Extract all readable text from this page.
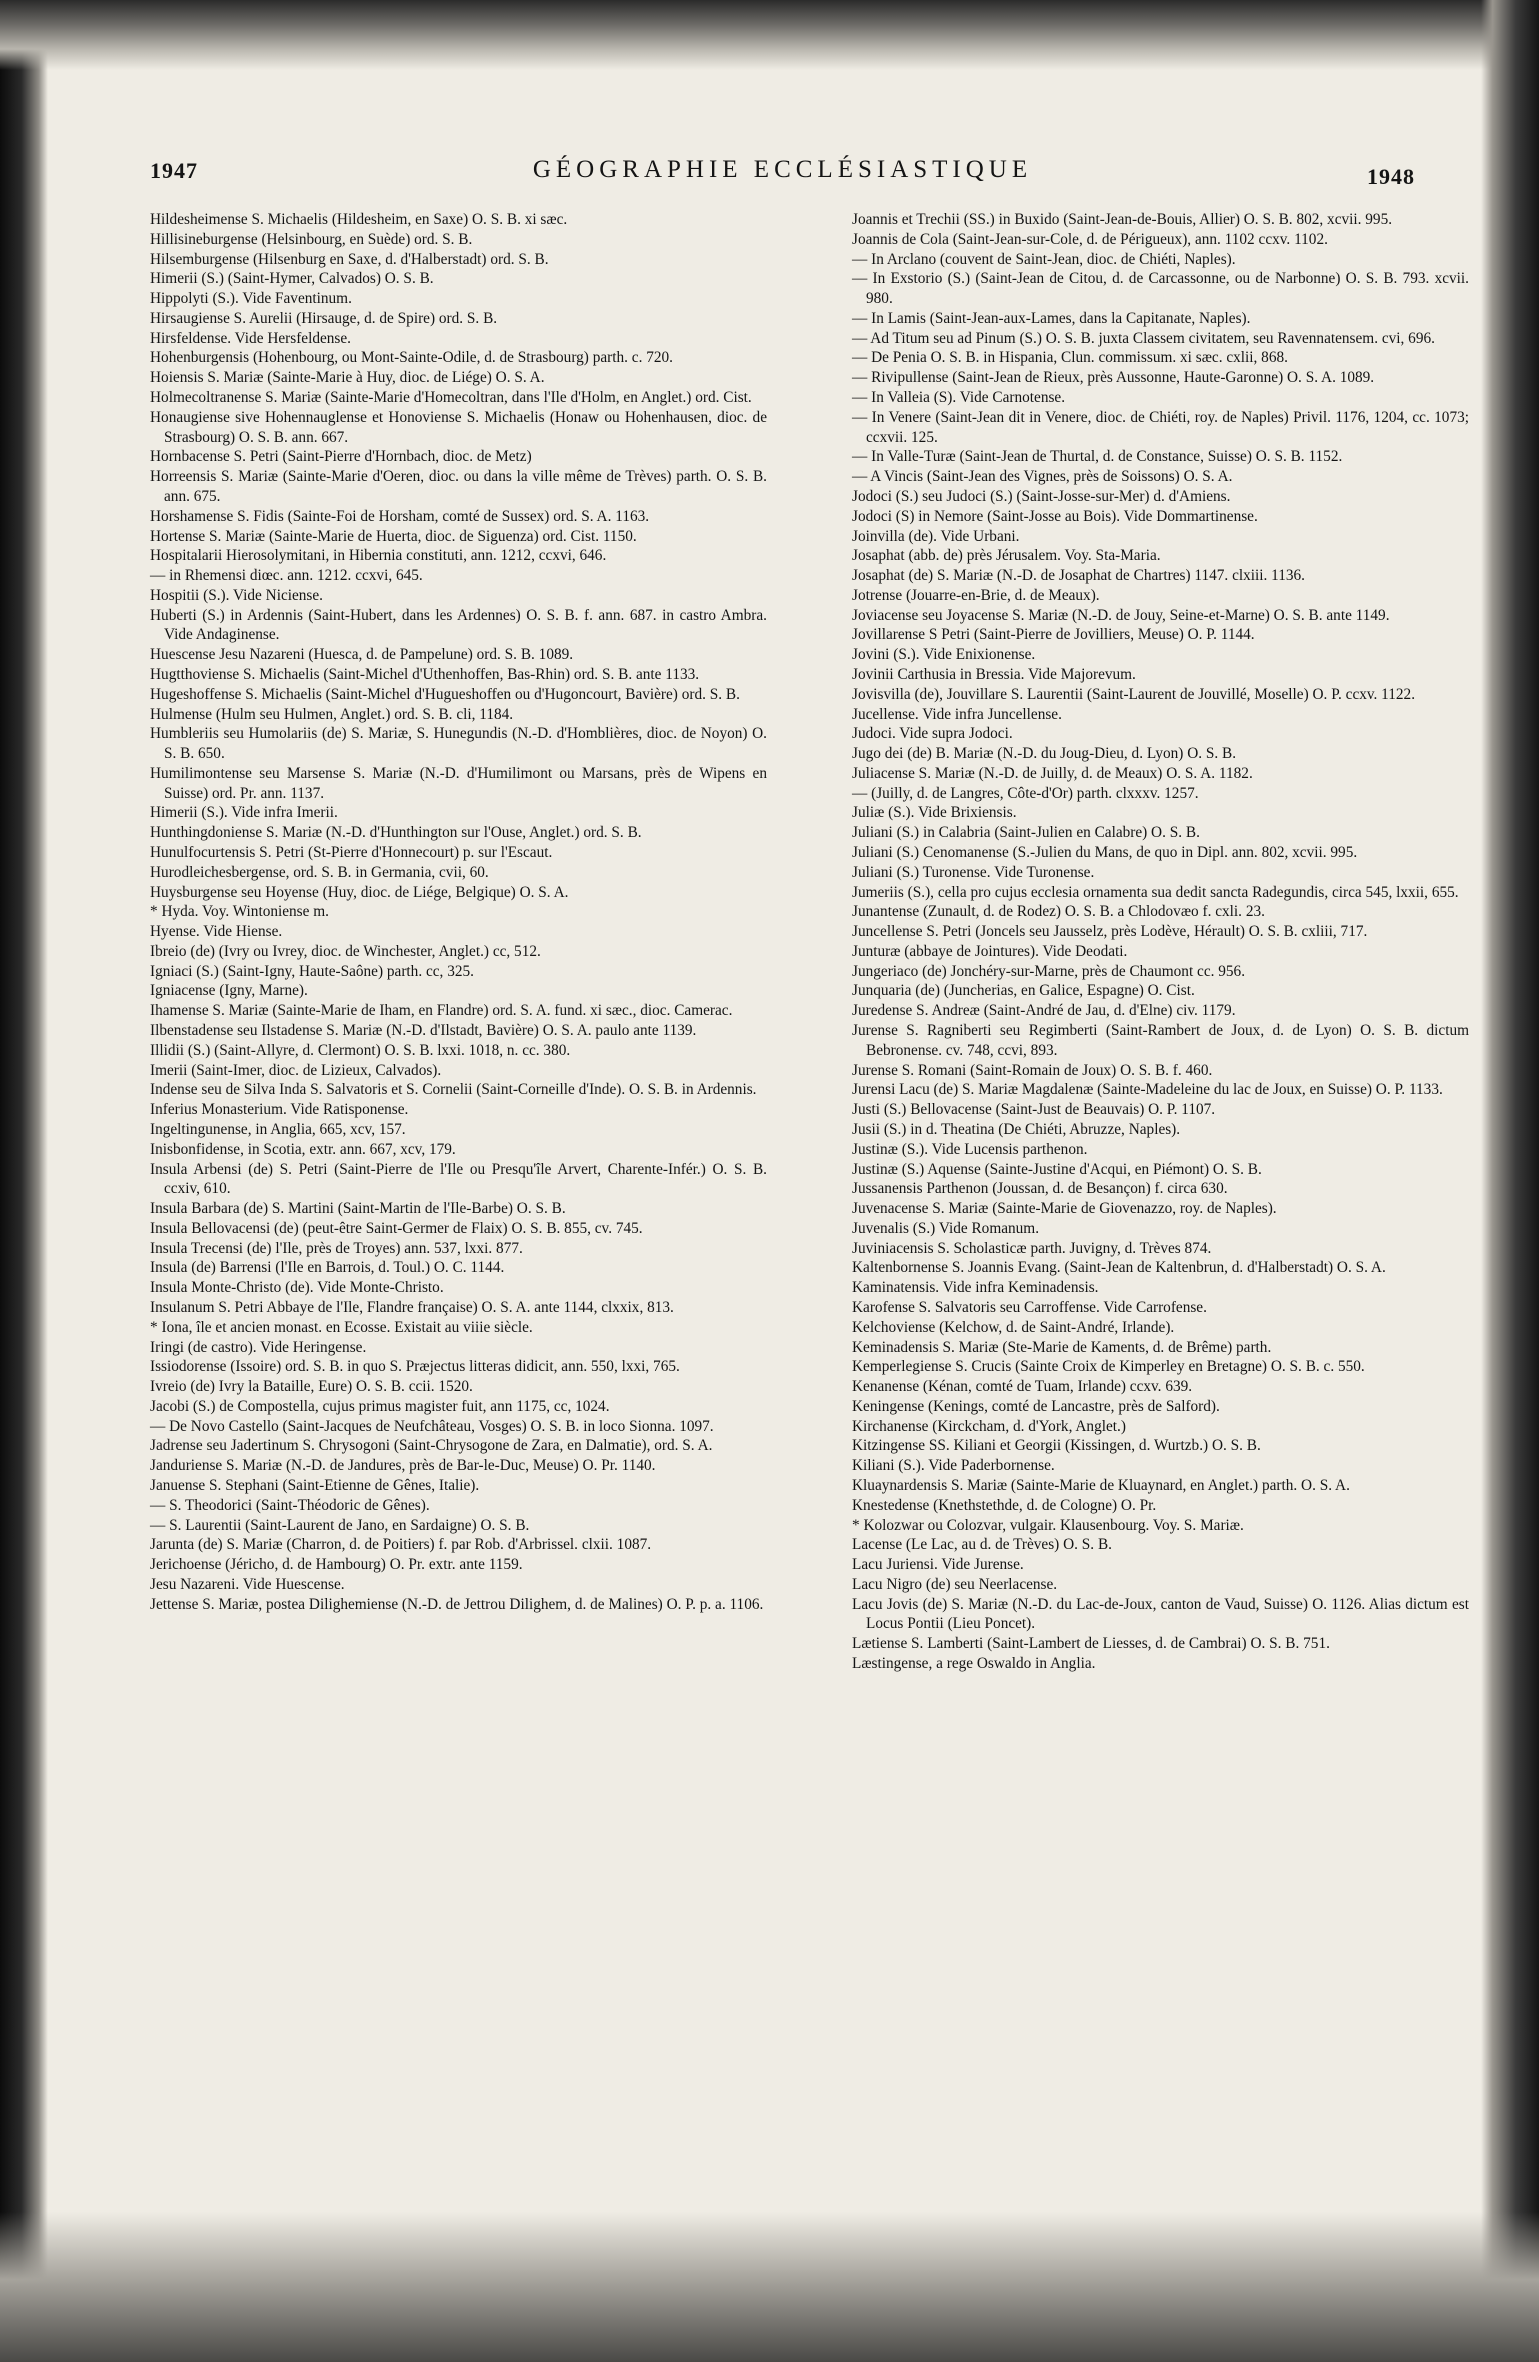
1947	GÉOGRAPHIE ECCLÉSIASTIQUE	1948

Hildesheimense S. Michaelis (Hildesheim, en Saxe) O. S. B. xi sæc.

Hillisineburgense (Helsinbourg, en Suède) ord. S. B.

Hilsemburgense (Hilsenburg en Saxe, d. d'Halberstadt) ord. S. B.

Himerii (S.) (Saint-Hymer, Calvados) O. S. B.

Hippolyti (S.). Vide Faventinum.

Hirsaugiense S. Aurelii (Hirsauge, d. de Spire) ord. S. B.

Hirsfeldense. Vide Hersfeldense.

Hohenburgensis (Hohenbourg, ou Mont-Sainte-Odile, d. de Strasbourg) parth. c. 720.

Hoiensis S. Mariæ (Sainte-Marie à Huy, dioc. de Liége) O. S. A.

Holmecoltranense S. Mariæ (Sainte-Marie d'Homecoltran, dans l'Ile d'Holm, en Anglet.) ord. Cist.

Honaugiense sive Hohennauglense et Honoviense S. Michaelis (Honaw ou Hohenhausen, dioc. de Strasbourg) O. S. B. ann. 667.

Hornbacense S. Petri (Saint-Pierre d'Hornbach, dioc. de Metz)

Horreensis S. Mariæ (Sainte-Marie d'Oeren, dioc. ou dans la ville même de Trèves) parth. O. S. B. ann. 675.

Horshamense S. Fidis (Sainte-Foi de Horsham, comté de Sussex) ord. S. A. 1163.

Hortense S. Mariæ (Sainte-Marie de Huerta, dioc. de Siguenza) ord. Cist. 1150.

Hospitalarii Hierosolymitani, in Hibernia constituti, ann. 1212, ccxvi, 646.

— in Rhemensi diœc. ann. 1212. ccxvi, 645.

Hospitii (S.). Vide Niciense.

Huberti (S.) in Ardennis (Saint-Hubert, dans les Ardennes) O. S. B. f. ann. 687. in castro Ambra. Vide Andaginense.

Huescense Jesu Nazareni (Huesca, d. de Pampelune) ord. S. B. 1089.

Hugtthoviense S. Michaelis (Saint-Michel d'Uthenhoffen, Bas-Rhin) ord. S. B. ante 1133.

Hugeshoffense S. Michaelis (Saint-Michel d'Hugueshoffen ou d'Hugoncourt, Bavière) ord. S. B.

Hulmense (Hulm seu Hulmen, Anglet.) ord. S. B. cli, 1184.

Humbleriis seu Humolariis (de) S. Mariæ, S. Hunegundis (N.-D. d'Homblières, dioc. de Noyon) O. S. B. 650.

Humilimontense seu Marsense S. Mariæ (N.-D. d'Humilimont ou Marsans, près de Wipens en Suisse) ord. Pr. ann. 1137.

Himerii (S.). Vide infra Imerii.

Hunthingdoniense S. Mariæ (N.-D. d'Hunthington sur l'Ouse, Anglet.) ord. S. B.

Hunulfocurtensis S. Petri (St-Pierre d'Honnecourt) p. sur l'Escaut.

Hurodleichesbergense, ord. S. B. in Germania, cvii, 60.

Huysburgense seu Hoyense (Huy, dioc. de Liége, Belgique) O. S. A.

* Hyda. Voy. Wintoniense m.

Hyense. Vide Hiense.

Ibreio (de) (Ivry ou Ivrey, dioc. de Winchester, Anglet.) cc, 512.

Igniaci (S.) (Saint-Igny, Haute-Saône) parth. cc, 325.

Igniacense (Igny, Marne).

Ihamense S. Mariæ (Sainte-Marie de Iham, en Flandre) ord. S. A. fund. xi sæc., dioc. Camerac.

Ilbenstadense seu Ilstadense S. Mariæ (N.-D. d'Ilstadt, Bavière) O. S. A. paulo ante 1139.

Illidii (S.) (Saint-Allyre, d. Clermont) O. S. B. lxxi. 1018, n. cc. 380.

Imerii (Saint-Imer, dioc. de Lizieux, Calvados).

Indense seu de Silva Inda S. Salvatoris et S. Cornelii (Saint-Corneille d'Inde). O. S. B. in Ardennis.

Inferius Monasterium. Vide Ratisponense.

Ingeltingunense, in Anglia, 665, xcv, 157.

Inisbonfidense, in Scotia, extr. ann. 667, xcv, 179.

Insula Arbensi (de) S. Petri (Saint-Pierre de l'Ile ou Presqu'île Arvert, Charente-Infér.) O. S. B. ccxiv, 610.

Insula Barbara (de) S. Martini (Saint-Martin de l'Ile-Barbe) O. S. B.

Insula Bellovacensi (de) (peut-être Saint-Germer de Flaix) O. S. B. 855, cv. 745.

Insula Trecensi (de) l'Ile, près de Troyes) ann. 537, lxxi. 877.

Insula (de) Barrensi (l'Ile en Barrois, d. Toul.) O. C. 1144.

Insula Monte-Christo (de). Vide Monte-Christo.

Insulanum S. Petri Abbaye de l'Ile, Flandre française) O. S. A. ante 1144, clxxix, 813.

* Iona, île et ancien monast. en Ecosse. Existait au viiie siècle.

Iringi (de castro). Vide Heringense.

Issiodorense (Issoire) ord. S. B. in quo S. Præjectus litteras didicit, ann. 550, lxxi, 765.

Ivreio (de) Ivry la Bataille, Eure) O. S. B. ccii. 1520.

Jacobi (S.) de Compostella, cujus primus magister fuit, ann 1175, cc, 1024.

— De Novo Castello (Saint-Jacques de Neufchâteau, Vosges) O. S. B. in loco Sionna. 1097.

Jadrense seu Jadertinum S. Chrysogoni (Saint-Chrysogone de Zara, en Dalmatie), ord. S. A.

Janduriense S. Mariæ (N.-D. de Jandures, près de Bar-le-Duc, Meuse) O. Pr. 1140.

Januense S. Stephani (Saint-Etienne de Gênes, Italie).

— S. Theodorici (Saint-Théodoric de Gênes).

— S. Laurentii (Saint-Laurent de Jano, en Sardaigne) O. S. B.

Jarunta (de) S. Mariæ (Charron, d. de Poitiers) f. par Rob. d'Arbrissel. clxii. 1087.

Jerichoense (Jéricho, d. de Hambourg) O. Pr. extr. ante 1159.

Jesu Nazareni. Vide Huescense.

Jettense S. Mariæ, postea Dilighemiense (N.-D. de Jettrou Dilighem, d. de Malines) O. P. p. a. 1106.

Joannis et Trechii (SS.) in Buxido (Saint-Jean-de-Bouis, Allier) O. S. B. 802, xcvii. 995.

Joannis de Cola (Saint-Jean-sur-Cole, d. de Périgueux), ann. 1102 ccxv. 1102.

— In Arclano (couvent de Saint-Jean, dioc. de Chiéti, Naples).

— In Exstorio (S.) (Saint-Jean de Citou, d. de Carcassonne, ou de Narbonne) O. S. B. 793. xcvii. 980.

— In Lamis (Saint-Jean-aux-Lames, dans la Capitanate, Naples).

— Ad Titum seu ad Pinum (S.) O. S. B. juxta Classem civitatem, seu Ravennatensem. cvi, 696.

— De Penia O. S. B. in Hispania, Clun. commissum. xi sæc. cxlii, 868.

— Rivipullense (Saint-Jean de Rieux, près Aussonne, Haute-Garonne) O. S. A. 1089.

— In Valleia (S). Vide Carnotense.

— In Venere (Saint-Jean dit in Venere, dioc. de Chiéti, roy. de Naples) Privil. 1176, 1204, cc. 1073; ccxvii. 125.

— In Valle-Turæ (Saint-Jean de Thurtal, d. de Constance, Suisse) O. S. B. 1152.

— A Vincis (Saint-Jean des Vignes, près de Soissons) O. S. A.

Jodoci (S.) seu Judoci (S.) (Saint-Josse-sur-Mer) d. d'Amiens.

Jodoci (S) in Nemore (Saint-Josse au Bois). Vide Dommartinense.

Joinvilla (de). Vide Urbani.

Josaphat (abb. de) près Jérusalem. Voy. Sta-Maria.

Josaphat (de) S. Mariæ (N.-D. de Josaphat de Chartres) 1147. clxiii. 1136.

Jotrense (Jouarre-en-Brie, d. de Meaux).

Joviacense seu Joyacense S. Mariæ (N.-D. de Jouy, Seine-et-Marne) O. S. B. ante 1149.

Jovillarense S Petri (Saint-Pierre de Jovilliers, Meuse) O. P. 1144.

Jovini (S.). Vide Enixionense.

Jovinii Carthusia in Bressia. Vide Majorevum.

Jovisvilla (de), Jouvillare S. Laurentii (Saint-Laurent de Jouvillé, Moselle) O. P. ccxv. 1122.

Jucellense. Vide infra Juncellense.

Judoci. Vide supra Jodoci.

Jugo dei (de) B. Mariæ (N.-D. du Joug-Dieu, d. Lyon) O. S. B.

Juliacense S. Mariæ (N.-D. de Juilly, d. de Meaux) O. S. A. 1182.

— (Juilly, d. de Langres, Côte-d'Or) parth. clxxxv. 1257.

Juliæ (S.). Vide Brixiensis.

Juliani (S.) in Calabria (Saint-Julien en Calabre) O. S. B.

Juliani (S.) Cenomanense (S.-Julien du Mans, de quo in Dipl. ann. 802, xcvii. 995.

Juliani (S.) Turonense. Vide Turonense.

Jumeriis (S.), cella pro cujus ecclesia ornamenta sua dedit sancta Radegundis, circa 545, lxxii, 655.

Junantense (Zunault, d. de Rodez) O. S. B. a Chlodovæo f. cxli. 23.

Juncellense S. Petri (Joncels seu Jausselz, près Lodève, Hérault) O. S. B. cxliii, 717.

Junturæ (abbaye de Jointures). Vide Deodati.

Jungeriaco (de) Jonchéry-sur-Marne, près de Chaumont cc. 956.

Junquaria (de) (Juncherias, en Galice, Espagne) O. Cist.

Juredense S. Andreæ (Saint-André de Jau, d. d'Elne) civ. 1179.

Jurense S. Ragniberti seu Regimberti (Saint-Rambert de Joux, d. de Lyon) O. S. B. dictum Bebronense. cv. 748, ccvi, 893.

Jurense S. Romani (Saint-Romain de Joux) O. S. B. f. 460.

Jurensi Lacu (de) S. Mariæ Magdalenæ (Sainte-Madeleine du lac de Joux, en Suisse) O. P. 1133.

Justi (S.) Bellovacense (Saint-Just de Beauvais) O. P. 1107.

Jusii (S.) in d. Theatina (De Chiéti, Abruzze, Naples).

Justinæ (S.). Vide Lucensis parthenon.

Justinæ (S.) Aquense (Sainte-Justine d'Acqui, en Piémont) O. S. B.

Jussanensis Parthenon (Joussan, d. de Besançon) f. circa 630.

Juvenacense S. Mariæ (Sainte-Marie de Giovenazzo, roy. de Naples).

Juvenalis (S.) Vide Romanum.

Juviniacensis S. Scholasticæ parth. Juvigny, d. Trèves 874.

Kaltenbornense S. Joannis Evang. (Saint-Jean de Kaltenbrun, d. d'Halberstadt) O. S. A.

Kaminatensis. Vide infra Keminadensis.

Karofense S. Salvatoris seu Carroffense. Vide Carrofense.

Kelchoviense (Kelchow, d. de Saint-André, Irlande).

Keminadensis S. Mariæ (Ste-Marie de Kaments, d. de Brême) parth.

Kemperlegiense S. Crucis (Sainte Croix de Kimperley en Bretagne) O. S. B. c. 550.

Kenanense (Kénan, comté de Tuam, Irlande) ccxv. 639.

Keningense (Kenings, comté de Lancastre, près de Salford).

Kirchanense (Kirckcham, d. d'York, Anglet.)

Kitzingense SS. Kiliani et Georgii (Kissingen, d. Wurtzb.) O. S. B.

Kiliani (S.). Vide Paderbornense.

Kluaynardensis S. Mariæ (Sainte-Marie de Kluaynard, en Anglet.) parth. O. S. A.

Knestedense (Knethstethde, d. de Cologne) O. Pr.

* Kolozwar ou Colozvar, vulgair. Klausenbourg. Voy. S. Mariæ.

Lacense (Le Lac, au d. de Trèves) O. S. B.

Lacu Juriensi. Vide Jurense.

Lacu Nigro (de) seu Neerlacense.

Lacu Jovis (de) S. Mariæ (N.-D. du Lac-de-Joux, canton de Vaud, Suisse) O. 1126. Alias dictum est Locus Pontii (Lieu Poncet).

Lætiense S. Lamberti (Saint-Lambert de Liesses, d. de Cambrai) O. S. B. 751.

Læstingense, a rege Oswaldo in Anglia.
